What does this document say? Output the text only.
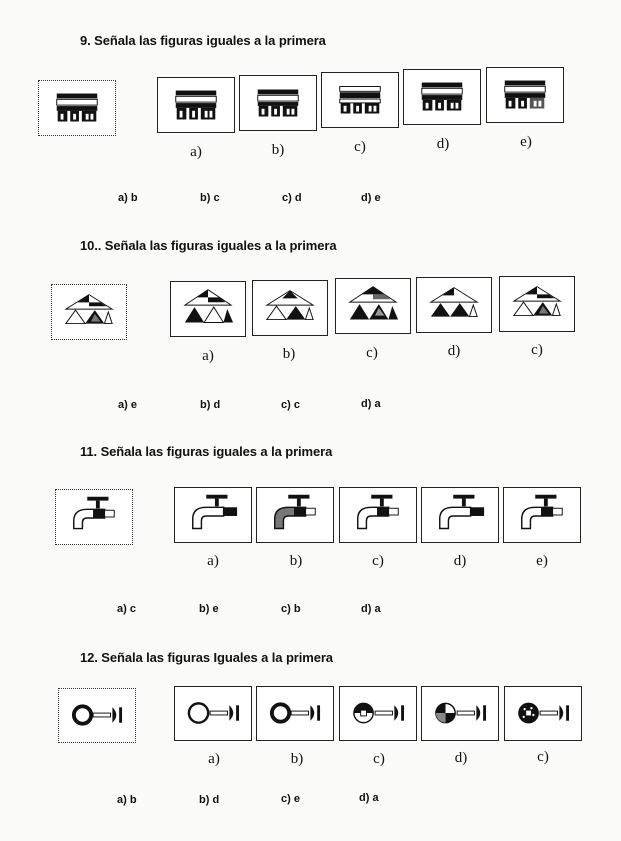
9. Señala las figuras iguales a la primera
a)	b)	c)	d)	e)
a) b	b) c	c) d	d) e
10.. Señala las figuras iguales a la primera
a)	b)	c)	d)	c)
a) e	b) d	c) c	d) a
11. Señala las figuras iguales a la primera
a)	b)	c)	d)	e)
a) c	b) e	c) b	d) a
12. Señala las figuras Iguales a la primera
a)	b)	c)	d)	c)
a) b	b) d	c) e	d) a
